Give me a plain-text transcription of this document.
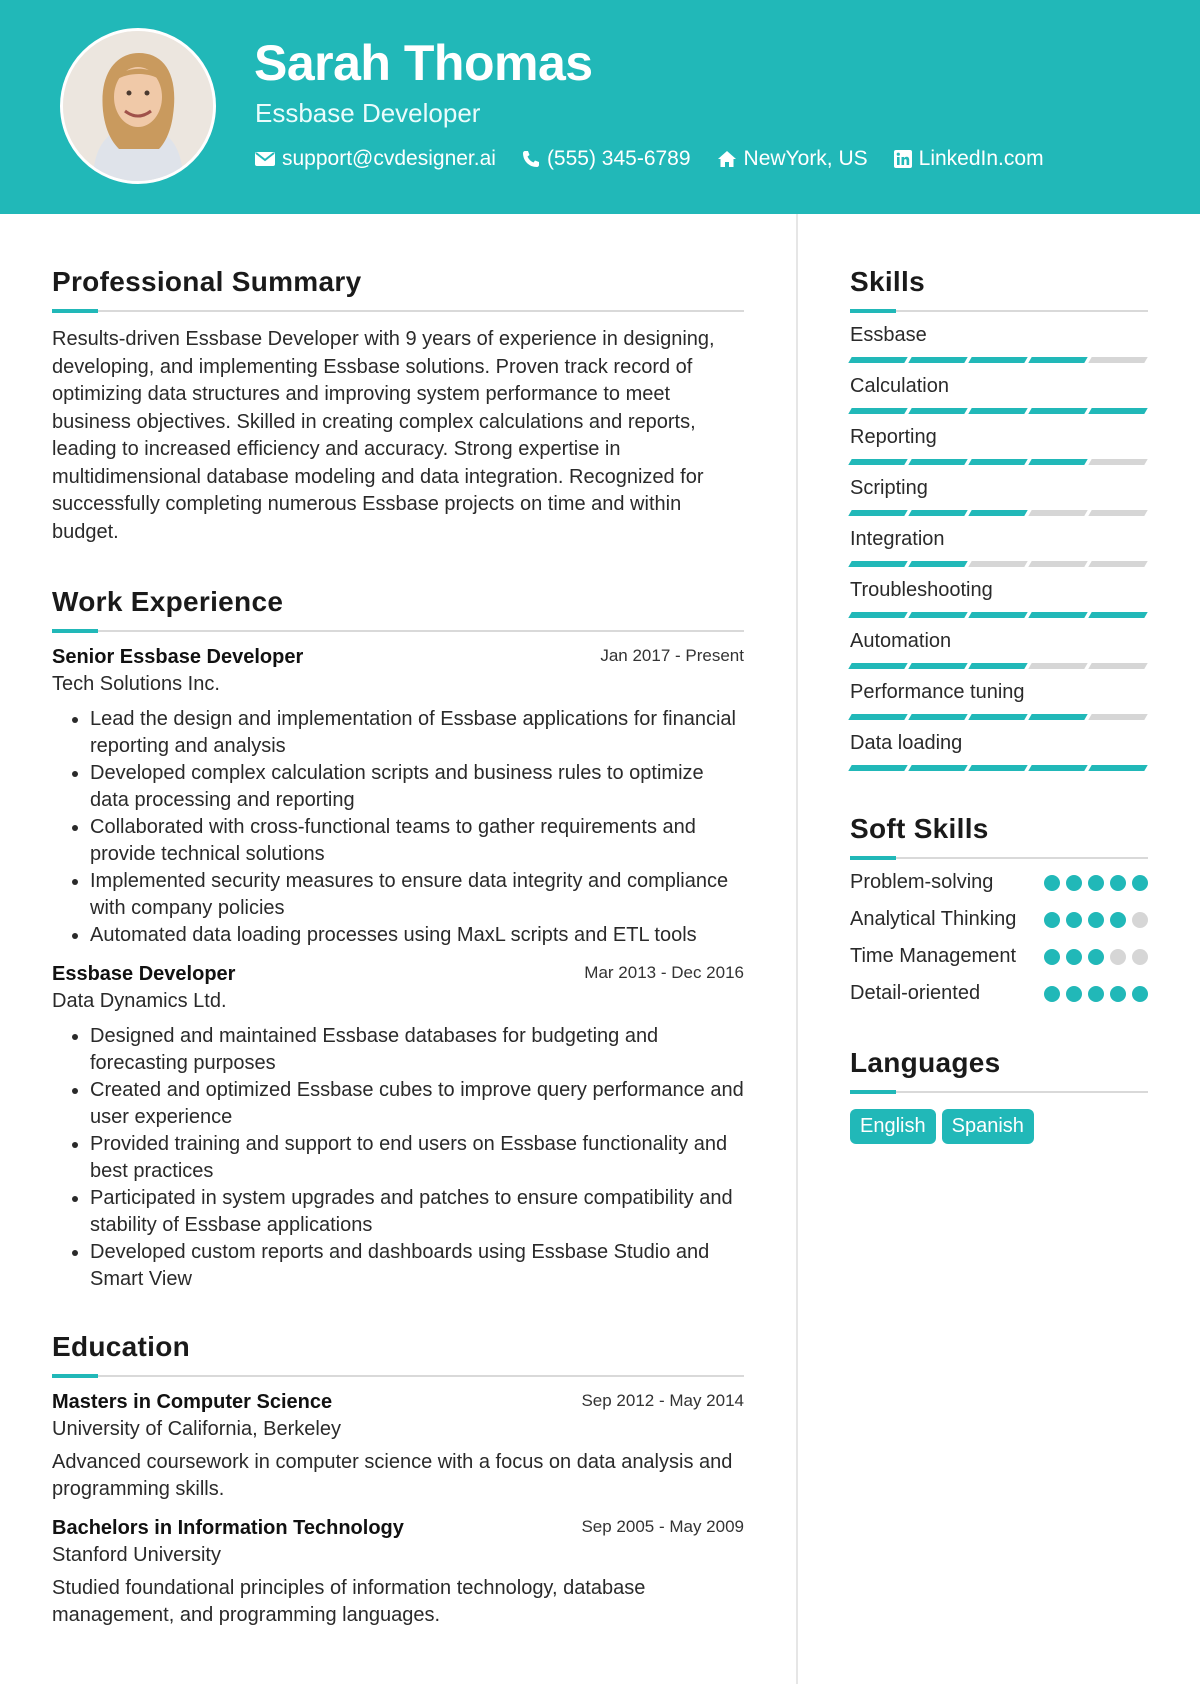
Sarah Thomas
Essbase Developer
support@cvdesigner.ai (555) 345-6789	NewYork, US LinkedIn.com
Professional Summary

Results-driven Essbase Developer with 9 years of experience in designing, developing, and implementing Essbase solutions. Proven track record of optimizing data structures and improving system performance to meet business objectives. Skilled in creating complex calculations and reports, leading to increased efficiency and accuracy. Strong expertise in multidimensional database modeling and data integration. Recognized for successfully completing numerous Essbase projects on time and within budget.

Work Experience
Senior Essbase Developer	Jan 2017 - Present
Tech Solutions Inc.
• Lead the design and implementation of Essbase applications for financial reporting and analysis
• Developed complex calculation scripts and business rules to optimize data processing and reporting
• Collaborated with cross-functional teams to gather requirements and provide technical solutions
• Implemented security measures to ensure data integrity and compliance with company policies
• Automated data loading processes using MaxL scripts and ETL tools
Essbase Developer	Mar 2013 - Dec 2016
Data Dynamics Ltd.
• Designed and maintained Essbase databases for budgeting and forecasting purposes
• Created and optimized Essbase cubes to improve query performance and user experience
• Provided training and support to end users on Essbase functionality and best practices
• Participated in system upgrades and patches to ensure compatibility and stability of Essbase applications
• Developed custom reports and dashboards using Essbase Studio and Smart View
Education
Masters in Computer Science	Sep 2012 - May 2014
University of California, Berkeley
Advanced coursework in computer science with a focus on data analysis and programming skills.
Bachelors in Information Technology	Sep 2005 - May 2009
Stanford University
Studied foundational principles of information technology, database management, and programming languages.
Skills
Essbase
Calculation
Reporting
Scripting
Integration
Troubleshooting
Automation
Performance tuning
Data loading
Soft Skills
Problem-solving
Analytical Thinking
Time Management
Detail-oriented
Languages
English	Spanish
